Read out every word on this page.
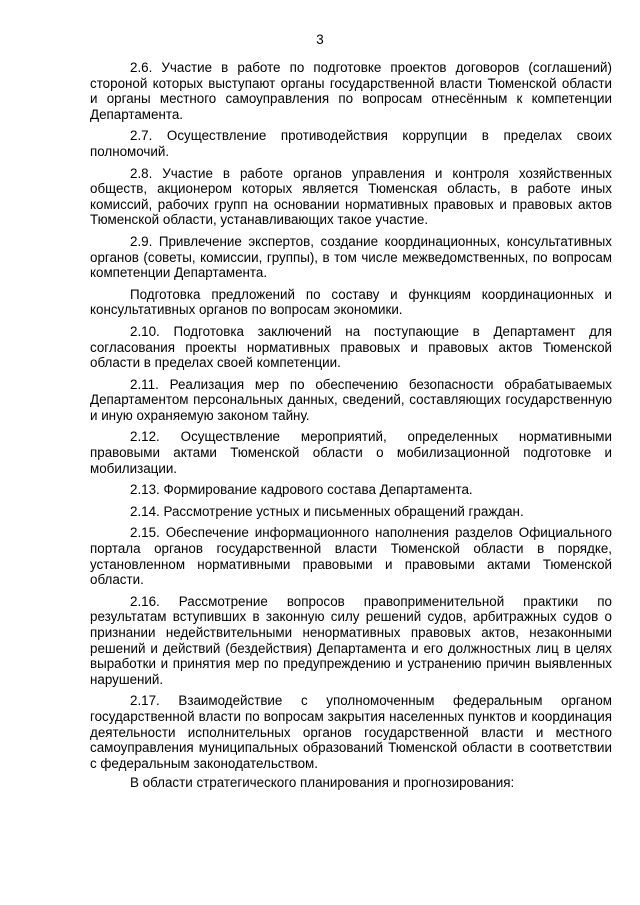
3

2.6. Участие в работе по подготовке проектов договоров (соглашений) стороной которых выступают органы государственной власти Тюменской области и органы местного самоуправления по вопросам отнесённым к компетенции Департамента.

2.7. Осуществление противодействия коррупции в пределах своих полномочий.

2.8. Участие в работе органов управления и контроля хозяйственных обществ, акционером которых является Тюменская область, в работе иных комиссий, рабочих групп на основании нормативных правовых и правовых актов Тюменской области, устанавливающих такое участие.

2.9. Привлечение экспертов, создание координационных, консультативных органов (советы, комиссии, группы), в том числе межведомственных, по вопросам компетенции Департамента.

Подготовка предложений по составу и функциям координационных и консультативных органов по вопросам экономики.

2.10. Подготовка заключений на поступающие в Департамент для согласования проекты нормативных правовых и правовых актов Тюменской области в пределах своей компетенции.

2.11. Реализация мер по обеспечению безопасности обрабатываемых Департаментом персональных данных, сведений, составляющих государственную и иную охраняемую законом тайну.

2.12. Осуществление мероприятий, определенных нормативными правовыми актами Тюменской области о мобилизационной подготовке и мобилизации.

2.13. Формирование кадрового состава Департамента.

2.14. Рассмотрение устных и письменных обращений граждан.

2.15. Обеспечение информационного наполнения разделов Официального портала органов государственной власти Тюменской области в порядке, установленном нормативными правовыми и правовыми актами Тюменской области.

2.16. Рассмотрение вопросов правоприменительной практики по результатам вступивших в законную силу решений судов, арбитражных судов о признании недействительными ненормативных правовых актов, незаконными решений и действий (бездействия) Департамента и его должностных лиц в целях выработки и принятия мер по предупреждению и устранению причин выявленных нарушений.

2.17. Взаимодействие с уполномоченным федеральным органом государственной власти по вопросам закрытия населенных пунктов и координация деятельности исполнительных органов государственной власти и местного самоуправления муниципальных образований Тюменской области в соответствии с федеральным законодательством.

В области стратегического планирования и прогнозирования:
